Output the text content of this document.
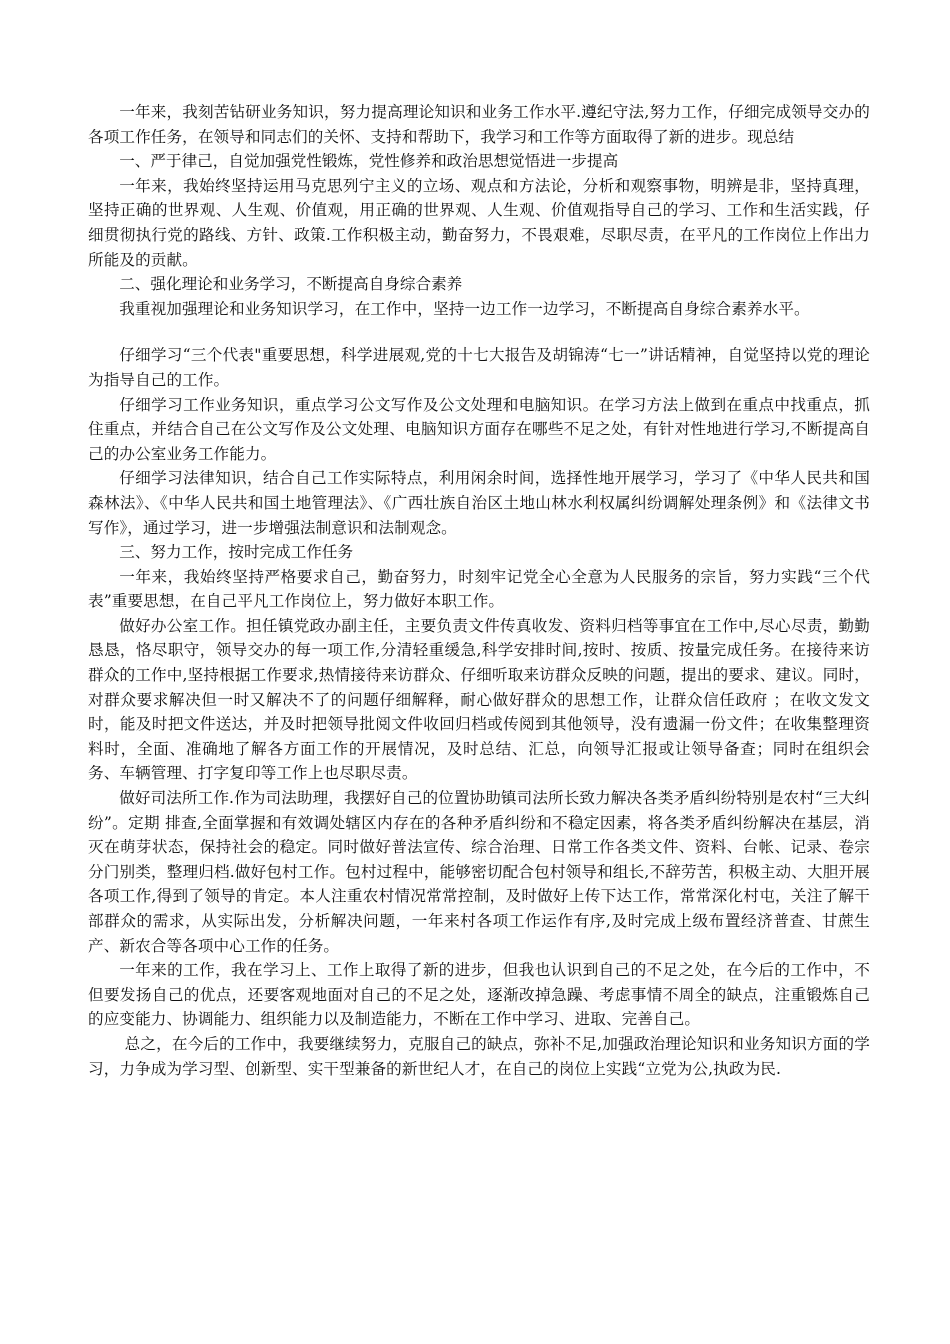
一年来，我刻苦钻研业务知识，努力提高理论知识和业务工作水平.遵纪守法,努力工作，仔细完成领导交办的各项工作任务，在领导和同志们的关怀、支持和帮助下，我学习和工作等方面取得了新的进步。现总结

一、严于律己，自觉加强党性锻炼，党性修养和政治思想觉悟进一步提高

一年来，我始终坚持运用马克思列宁主义的立场、观点和方法论，分析和观察事物，明辨是非，坚持真理，坚持正确的世界观、人生观、价值观，用正确的世界观、人生观、价值观指导自己的学习、工作和生活实践，仔细贯彻执行党的路线、方针、政策.工作积极主动，勤奋努力，不畏艰难，尽职尽责，在平凡的工作岗位上作出力所能及的贡献。

二、强化理论和业务学习，不断提高自身综合素养

我重视加强理论和业务知识学习，在工作中，坚持一边工作一边学习，不断提高自身综合素养水平。

仔细学习“三个代表"重要思想，科学进展观,党的十七大报告及胡锦涛“七一”讲话精神，自觉坚持以党的理论为指导自己的工作。

仔细学习工作业务知识，重点学习公文写作及公文处理和电脑知识。在学习方法上做到在重点中找重点，抓住重点，并结合自己在公文写作及公文处理、电脑知识方面存在哪些不足之处，有针对性地进行学习,不断提高自己的办公室业务工作能力。

仔细学习法律知识，结合自己工作实际特点，利用闲余时间，选择性地开展学习，学习了《中华人民共和国森林法》、《中华人民共和国土地管理法》、《广西壮族自治区土地山林水利权属纠纷调解处理条例》和《法律文书写作》，通过学习，进一步增强法制意识和法制观念。

三、努力工作，按时完成工作任务

一年来，我始终坚持严格要求自己，勤奋努力，时刻牢记党全心全意为人民服务的宗旨，努力实践“三个代表”重要思想，在自己平凡工作岗位上，努力做好本职工作。

做好办公室工作。担任镇党政办副主任，主要负责文件传真收发、资料归档等事宜在工作中,尽心尽责，勤勤恳恳，恪尽职守，领导交办的每一项工作,分清轻重缓急,科学安排时间,按时、按质、按量完成任务。在接待来访群众的工作中,坚持根据工作要求,热情接待来访群众、仔细听取来访群众反映的问题，提出的要求、建议。同时，对群众要求解决但一时又解决不了的问题仔细解释，耐心做好群众的思想工作，让群众信任政府 ；在收文发文时，能及时把文件送达，并及时把领导批阅文件收回归档或传阅到其他领导，没有遗漏一份文件；在收集整理资料时，全面、准确地了解各方面工作的开展情况，及时总结、汇总，向领导汇报或让领导备查；同时在组织会务、车辆管理、打字复印等工作上也尽职尽责。

做好司法所工作.作为司法助理，我摆好自己的位置协助镇司法所长致力解决各类矛盾纠纷特别是农村“三大纠纷”。定期 排查,全面掌握和有效调处辖区内存在的各种矛盾纠纷和不稳定因素，将各类矛盾纠纷解决在基层，消灭在萌芽状态，保持社会的稳定。同时做好普法宣传、综合治理、日常工作各类文件、资料、台帐、记录、卷宗分门别类，整理归档.做好包村工作。包村过程中，能够密切配合包村领导和组长,不辞劳苦，积极主动、大胆开展各项工作,得到了领导的肯定。本人注重农村情况常常控制，及时做好上传下达工作，常常深化村屯，关注了解干部群众的需求，从实际出发，分析解决问题，一年来村各项工作运作有序,及时完成上级布置经济普查、甘蔗生产、新农合等各项中心工作的任务。

一年来的工作，我在学习上、工作上取得了新的进步，但我也认识到自己的不足之处，在今后的工作中，不但要发扬自己的优点，还要客观地面对自己的不足之处，逐渐改掉急躁、考虑事情不周全的缺点，注重锻炼自己的应变能力、协调能力、组织能力以及制造能力，不断在工作中学习、进取、完善自己。

总之，在今后的工作中，我要继续努力，克服自己的缺点，弥补不足,加强政治理论知识和业务知识方面的学习，力争成为学习型、创新型、实干型兼备的新世纪人才，在自己的岗位上实践“立党为公,执政为民.
